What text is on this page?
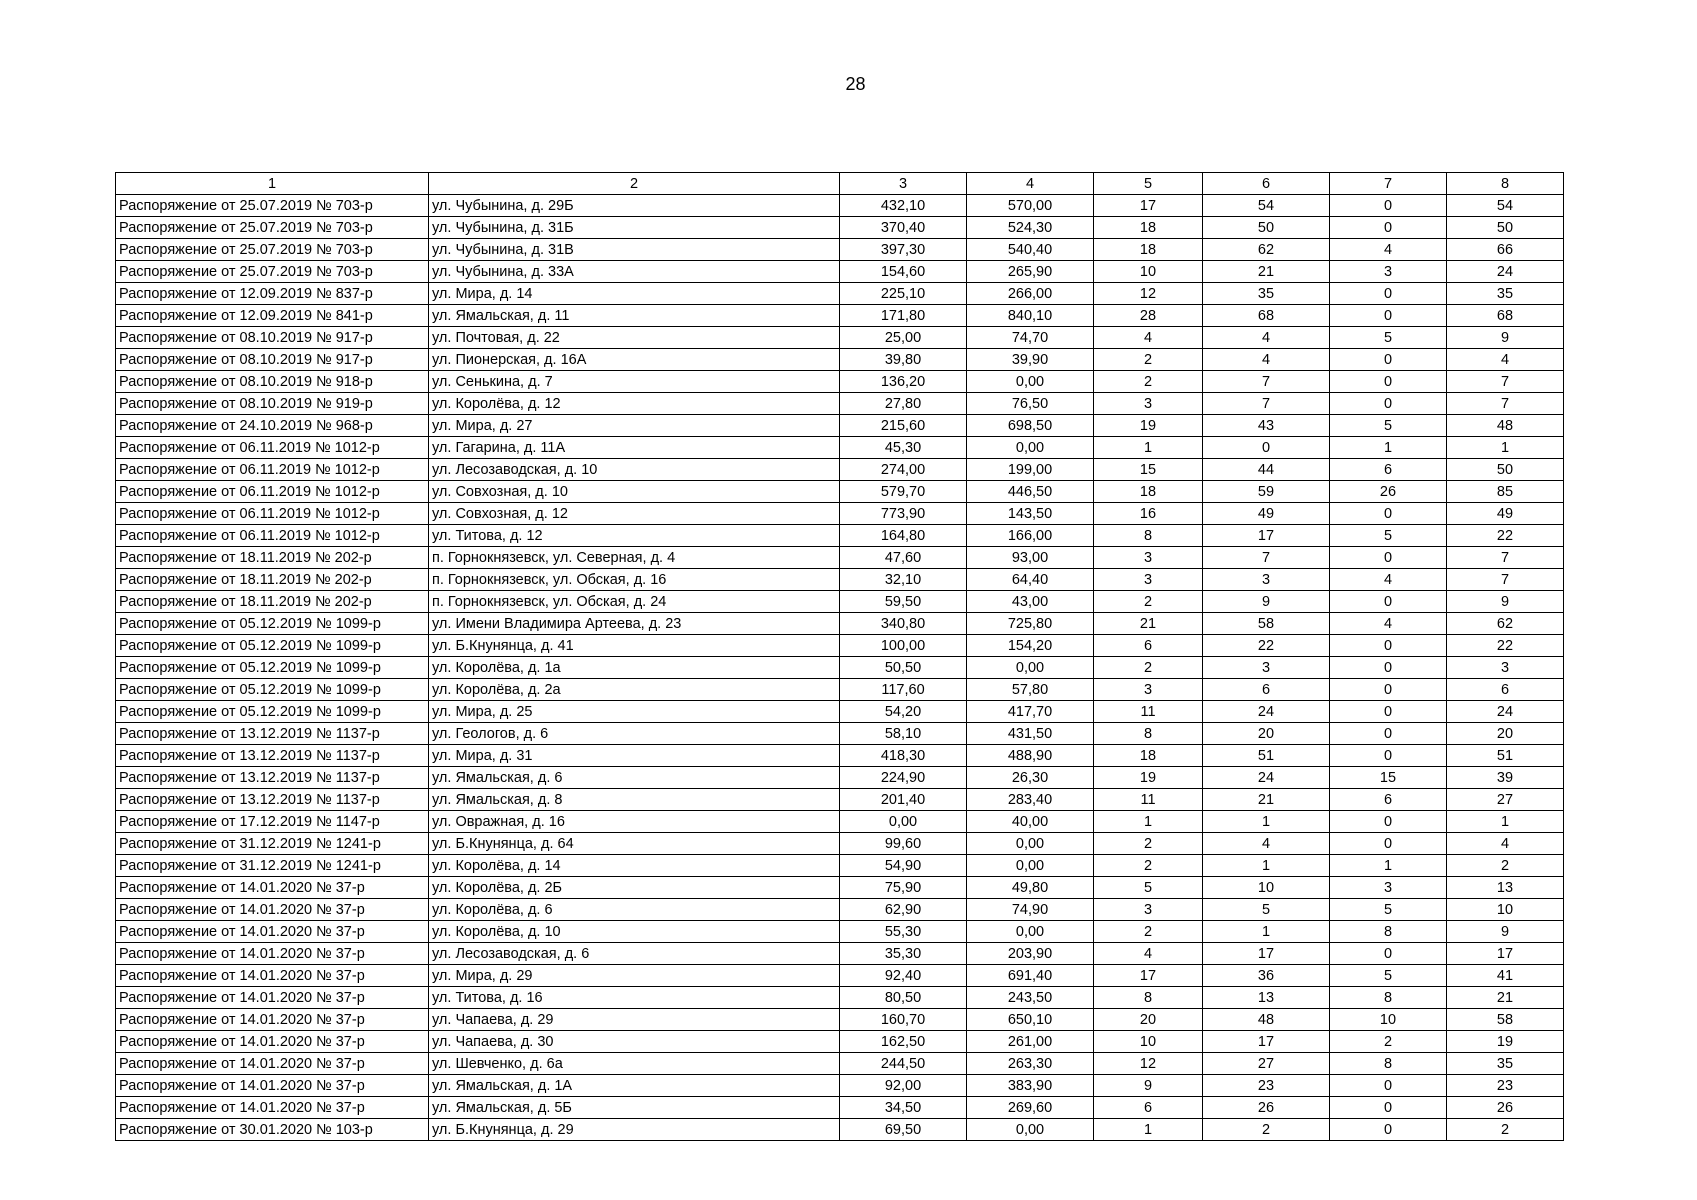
28
1	2	3	4	5	6	7	8
Распоряжение от 25.07.2019 № 703-р	ул. Чубынина, д. 29Б	432,10	570,00	17	54	0	54
Распоряжение от 25.07.2019 № 703-р	ул. Чубынина, д. 31Б	370,40	524,30	18	50	0	50
Распоряжение от 25.07.2019 № 703-р	ул. Чубынина, д. 31В	397,30	540,40	18	62	4	66
Распоряжение от 25.07.2019 № 703-р	ул. Чубынина, д. 33А	154,60	265,90	10	21	3	24
Распоряжение от 12.09.2019 № 837-р	ул. Мира, д. 14	225,10	266,00	12	35	0	35
Распоряжение от 12.09.2019 № 841-р	ул. Ямальская, д. 11	171,80	840,10	28	68	0	68
Распоряжение от 08.10.2019 № 917-р	ул. Почтовая, д. 22	25,00	74,70	4	4	5	9
Распоряжение от 08.10.2019 № 917-р	ул. Пионерская, д. 16А	39,80	39,90	2	4	0	4
Распоряжение от 08.10.2019 № 918-р	ул. Сенькина, д. 7	136,20	0,00	2	7	0	7
Распоряжение от 08.10.2019 № 919-р	ул. Королёва, д. 12	27,80	76,50	3	7	0	7
Распоряжение от 24.10.2019 № 968-р	ул. Мира, д. 27	215,60	698,50	19	43	5	48
Распоряжение от 06.11.2019 № 1012-р	ул. Гагарина, д. 11А	45,30	0,00	1	0	1	1
Распоряжение от 06.11.2019 № 1012-р	ул. Лесозаводская, д. 10	274,00	199,00	15	44	6	50
Распоряжение от 06.11.2019 № 1012-р	ул. Совхозная, д. 10	579,70	446,50	18	59	26	85
Распоряжение от 06.11.2019 № 1012-р	ул. Совхозная, д. 12	773,90	143,50	16	49	0	49
Распоряжение от 06.11.2019 № 1012-р	ул. Титова, д. 12	164,80	166,00	8	17	5	22
Распоряжение от 18.11.2019 № 202-р	п. Горнокнязевск, ул. Северная, д. 4	47,60	93,00	3	7	0	7
Распоряжение от 18.11.2019 № 202-р	п. Горнокнязевск, ул. Обская, д. 16	32,10	64,40	3	3	4	7
Распоряжение от 18.11.2019 № 202-р	п. Горнокнязевск, ул. Обская, д. 24	59,50	43,00	2	9	0	9
Распоряжение от 05.12.2019 № 1099-р	ул. Имени Владимира Артеева, д. 23	340,80	725,80	21	58	4	62
Распоряжение от 05.12.2019 № 1099-р	ул. Б.Кнунянца, д. 41	100,00	154,20	6	22	0	22
Распоряжение от 05.12.2019 № 1099-р	ул. Королёва, д. 1а	50,50	0,00	2	3	0	3
Распоряжение от 05.12.2019 № 1099-р	ул. Королёва, д. 2а	117,60	57,80	3	6	0	6
Распоряжение от 05.12.2019 № 1099-р	ул. Мира, д. 25	54,20	417,70	11	24	0	24
Распоряжение от 13.12.2019 № 1137-р	ул. Геологов, д. 6	58,10	431,50	8	20	0	20
Распоряжение от 13.12.2019 № 1137-р	ул. Мира, д. 31	418,30	488,90	18	51	0	51
Распоряжение от 13.12.2019 № 1137-р	ул. Ямальская, д. 6	224,90	26,30	19	24	15	39
Распоряжение от 13.12.2019 № 1137-р	ул. Ямальская, д. 8	201,40	283,40	11	21	6	27
Распоряжение от 17.12.2019 № 1147-р	ул. Овражная, д. 16	0,00	40,00	1	1	0	1
Распоряжение от 31.12.2019 № 1241-р	ул. Б.Кнунянца, д. 64	99,60	0,00	2	4	0	4
Распоряжение от 31.12.2019 № 1241-р	ул. Королёва, д. 14	54,90	0,00	2	1	1	2
Распоряжение от 14.01.2020 № 37-р	ул. Королёва, д. 2Б	75,90	49,80	5	10	3	13
Распоряжение от 14.01.2020 № 37-р	ул. Королёва, д. 6	62,90	74,90	3	5	5	10
Распоряжение от 14.01.2020 № 37-р	ул. Королёва, д. 10	55,30	0,00	2	1	8	9
Распоряжение от 14.01.2020 № 37-р	ул. Лесозаводская, д. 6	35,30	203,90	4	17	0	17
Распоряжение от 14.01.2020 № 37-р	ул. Мира, д. 29	92,40	691,40	17	36	5	41
Распоряжение от 14.01.2020 № 37-р	ул. Титова, д. 16	80,50	243,50	8	13	8	21
Распоряжение от 14.01.2020 № 37-р	ул. Чапаева, д. 29	160,70	650,10	20	48	10	58
Распоряжение от 14.01.2020 № 37-р	ул. Чапаева, д. 30	162,50	261,00	10	17	2	19
Распоряжение от 14.01.2020 № 37-р	ул. Шевченко, д. 6а	244,50	263,30	12	27	8	35
Распоряжение от 14.01.2020 № 37-р	ул. Ямальская, д. 1А	92,00	383,90	9	23	0	23
Распоряжение от 14.01.2020 № 37-р	ул. Ямальская, д. 5Б	34,50	269,60	6	26	0	26
Распоряжение от 30.01.2020 № 103-р	ул. Б.Кнунянца, д. 29	69,50	0,00	1	2	0	2
